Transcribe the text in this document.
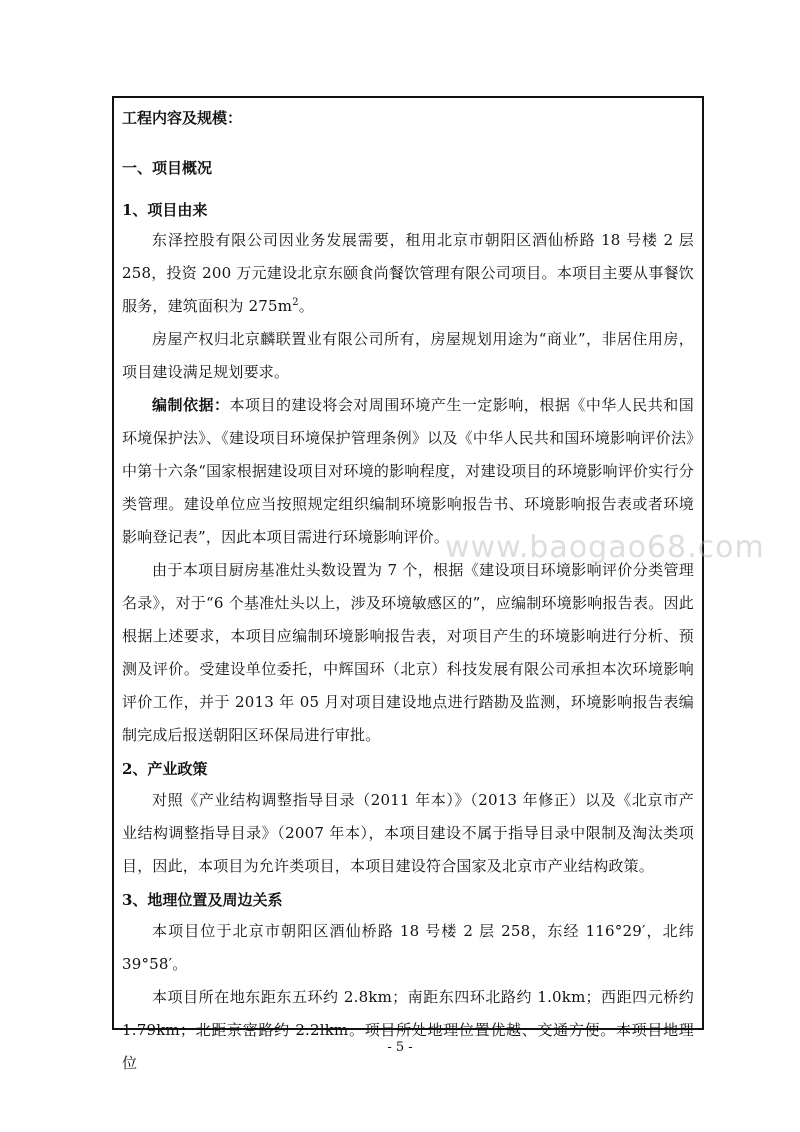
工程内容及规模：

一、项目概况

1、项目由来

东泽控股有限公司因业务发展需要，租用北京市朝阳区酒仙桥路 18 号楼 2 层 258，投资 200 万元建设北京东颐食尚餐饮管理有限公司项目。本项目主要从事餐饮服务，建筑面积为 $275m^2$。

房屋产权归北京麟联置业有限公司所有，房屋规划用途为“商业”，非居住用房，项目建设满足规划要求。

编制依据：本项目的建设将会对周围环境产生一定影响，根据《中华人民共和国环境保护法》、《建设项目环境保护管理条例》以及《中华人民共和国环境影响评价法》中第十六条“国家根据建设项目对环境的影响程度，对建设项目的环境影响评价实行分类管理。建设单位应当按照规定组织编制环境影响报告书、环境影响报告表或者环境影响登记表”，因此本项目需进行环境影响评价。

由于本项目厨房基准灶头数设置为 7 个，根据《建设项目环境影响评价分类管理名录》，对于“6 个基准灶头以上，涉及环境敏感区的”，应编制环境影响报告表。因此根据上述要求，本项目应编制环境影响报告表，对项目产生的环境影响进行分析、预测及评价。受建设单位委托，中辉国环（北京）科技发展有限公司承担本次环境影响评价工作，并于 2013 年 05 月对项目建设地点进行踏勘及监测，环境影响报告表编制完成后报送朝阳区环保局进行审批。

2、产业政策

对照《产业结构调整指导目录（2011 年本）》（2013 年修正）以及《北京市产业结构调整指导目录》（2007 年本），本项目建设不属于指导目录中限制及淘汰类项目，因此，本项目为允许类项目，本项目建设符合国家及北京市产业结构政策。

3、地理位置及周边关系

本项目位于北京市朝阳区酒仙桥路 18 号楼 2 层 258，东经 116°29′，北纬 39°58′。

本项目所在地东距东五环约 2.8km；南距东四环北路约 1.0km；西距四元桥约 1.79km；北距京密路约 2.2lkm。项目所处地理位置优越、交通方便。本项目地理位

www.baogao68.com
- 5 -
